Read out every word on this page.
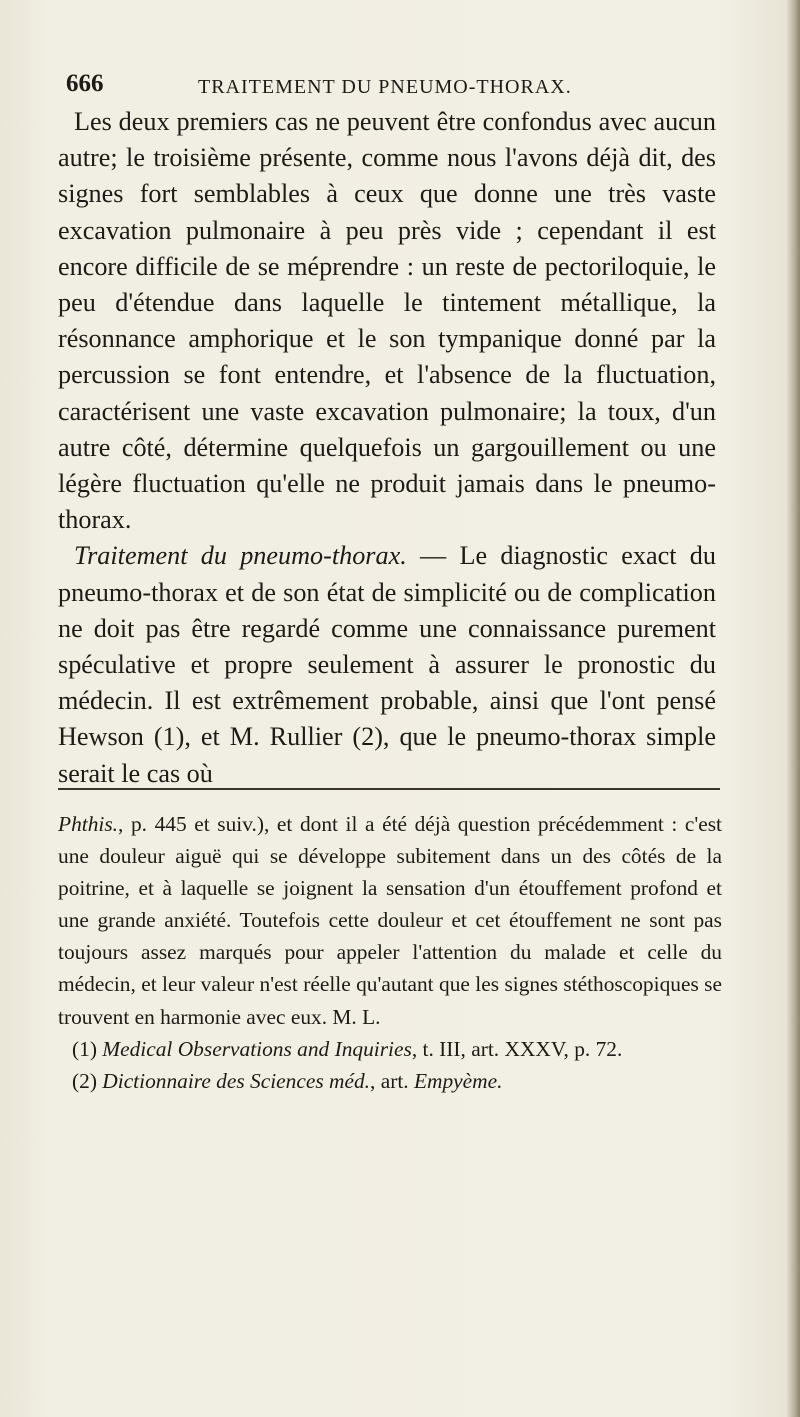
666	TRAITEMENT DU PNEUMO-THORAX.

Les deux premiers cas ne peuvent être confondus avec aucun autre; le troisième présente, comme nous l'avons déjà dit, des signes fort semblables à ceux que donne une très vaste excavation pulmonaire à peu près vide ; cependant il est encore difficile de se méprendre : un reste de pectoriloquie, le peu d'étendue dans laquelle le tintement métallique, la résonnance amphorique et le son tympanique donné par la percussion se font entendre, et l'absence de la fluctuation, caractérisent une vaste excavation pulmonaire; la toux, d'un autre côté, détermine quelquefois un gargouillement ou une légère fluctuation qu'elle ne produit jamais dans le pneumo-thorax.

Traitement du pneumo-thorax. — Le diagnostic exact du pneumo-thorax et de son état de simplicité ou de complication ne doit pas être regardé comme une connaissance purement spéculative et propre seulement à assurer le pronostic du médecin. Il est extrêmement probable, ainsi que l'ont pensé Hewson (1), et M. Rullier (2), que le pneumo-thorax simple serait le cas où

Phthis., p. 445 et suiv.), et dont il a été déjà question précédemment : c'est une douleur aiguë qui se développe subitement dans un des côtés de la poitrine, et à laquelle se joignent la sensation d'un étouffement profond et une grande anxiété. Toutefois cette douleur et cet étouffement ne sont pas toujours assez marqués pour appeler l'attention du malade et celle du médecin, et leur valeur n'est réelle qu'autant que les signes stéthoscopiques se trouvent en harmonie avec eux. M. L.

(1) Medical Observations and Inquiries, t. III, art. XXXV, p. 72.

(2) Dictionnaire des Sciences méd., art. Empyème.
